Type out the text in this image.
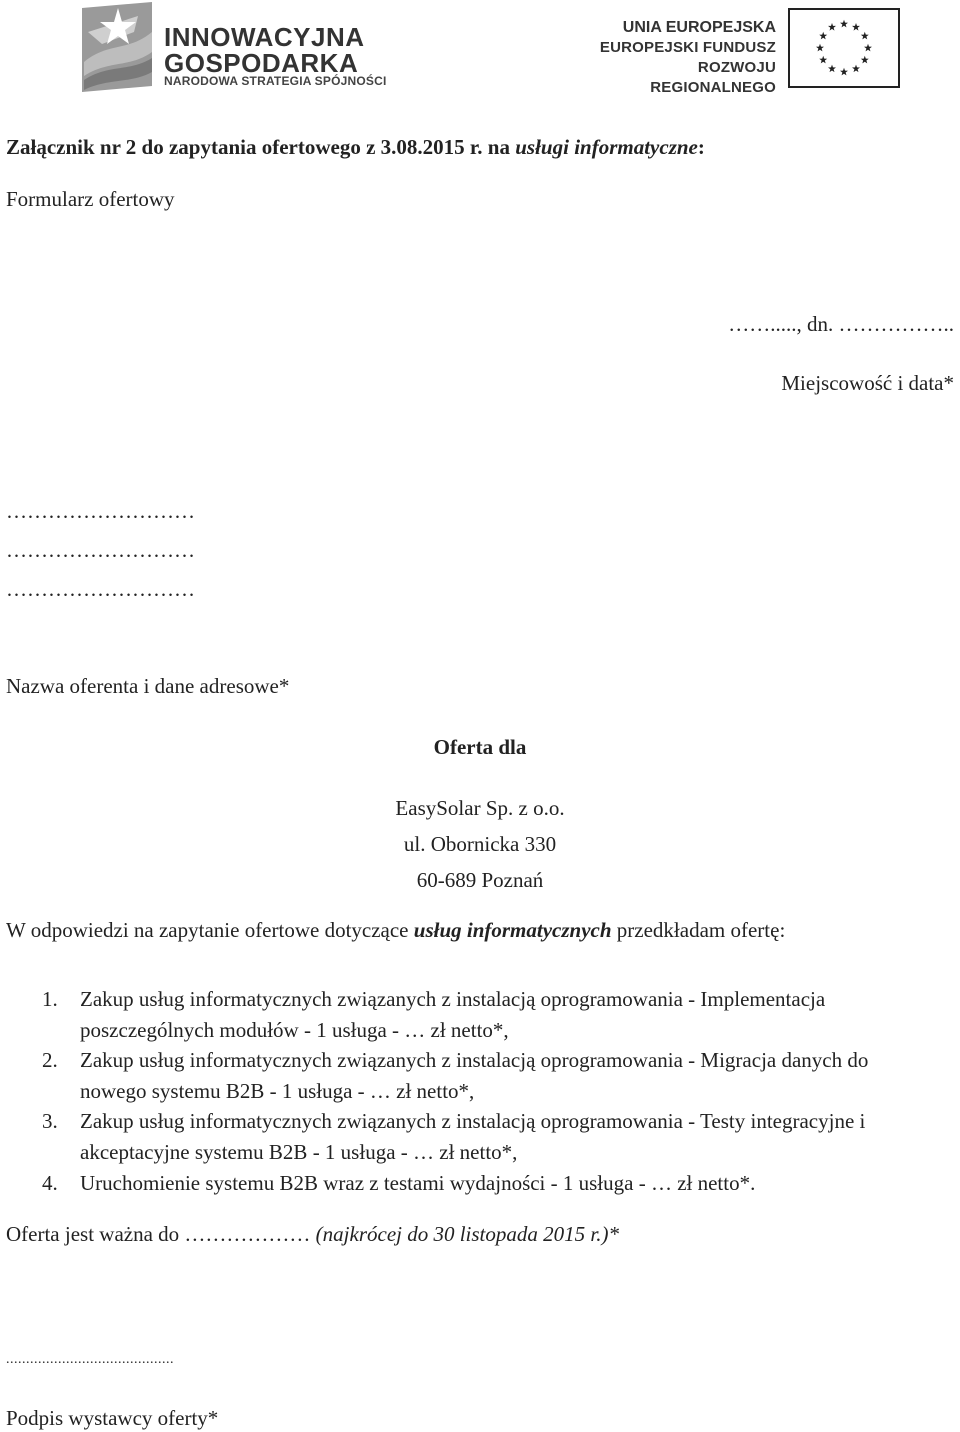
INNOWACYJNA
GOSPODARKA
NARODOWA STRATEGIA SPÓJNOŚCI
UNIA EUROPEJSKA
EUROPEJSKI FUNDUSZ
ROZWOJU REGIONALNEGO
Załącznik nr 2 do zapytania ofertowego z 3.08.2015 r. na usługi informatyczne:
Formularz ofertowy
……....., dn. ……………..
Miejscowość i data*
………………………
………………………
………………………
Nazwa oferenta i dane adresowe*
Oferta dla
EasySolar Sp. z o.o.
ul. Obornicka 330
60-689 Poznań
W odpowiedzi na zapytanie ofertowe dotyczące usług informatycznych przedkładam ofertę:
1. Zakup usług informatycznych związanych z instalacją oprogramowania - Implementacja
poszczególnych modułów - 1 usługa - … zł netto*,
2. Zakup usług informatycznych związanych z instalacją oprogramowania - Migracja danych do
nowego systemu B2B - 1 usługa - … zł netto*,
3. Zakup usług informatycznych związanych z instalacją oprogramowania - Testy integracyjne i
akceptacyjne systemu B2B - 1 usługa - … zł netto*,
4. Uruchomienie systemu B2B wraz z testami wydajności - 1 usługa - … zł netto*.
Oferta jest ważna do ……………… (najkrócej do 30 listopada 2015 r.)*
..........................................
Podpis wystawcy oferty*
